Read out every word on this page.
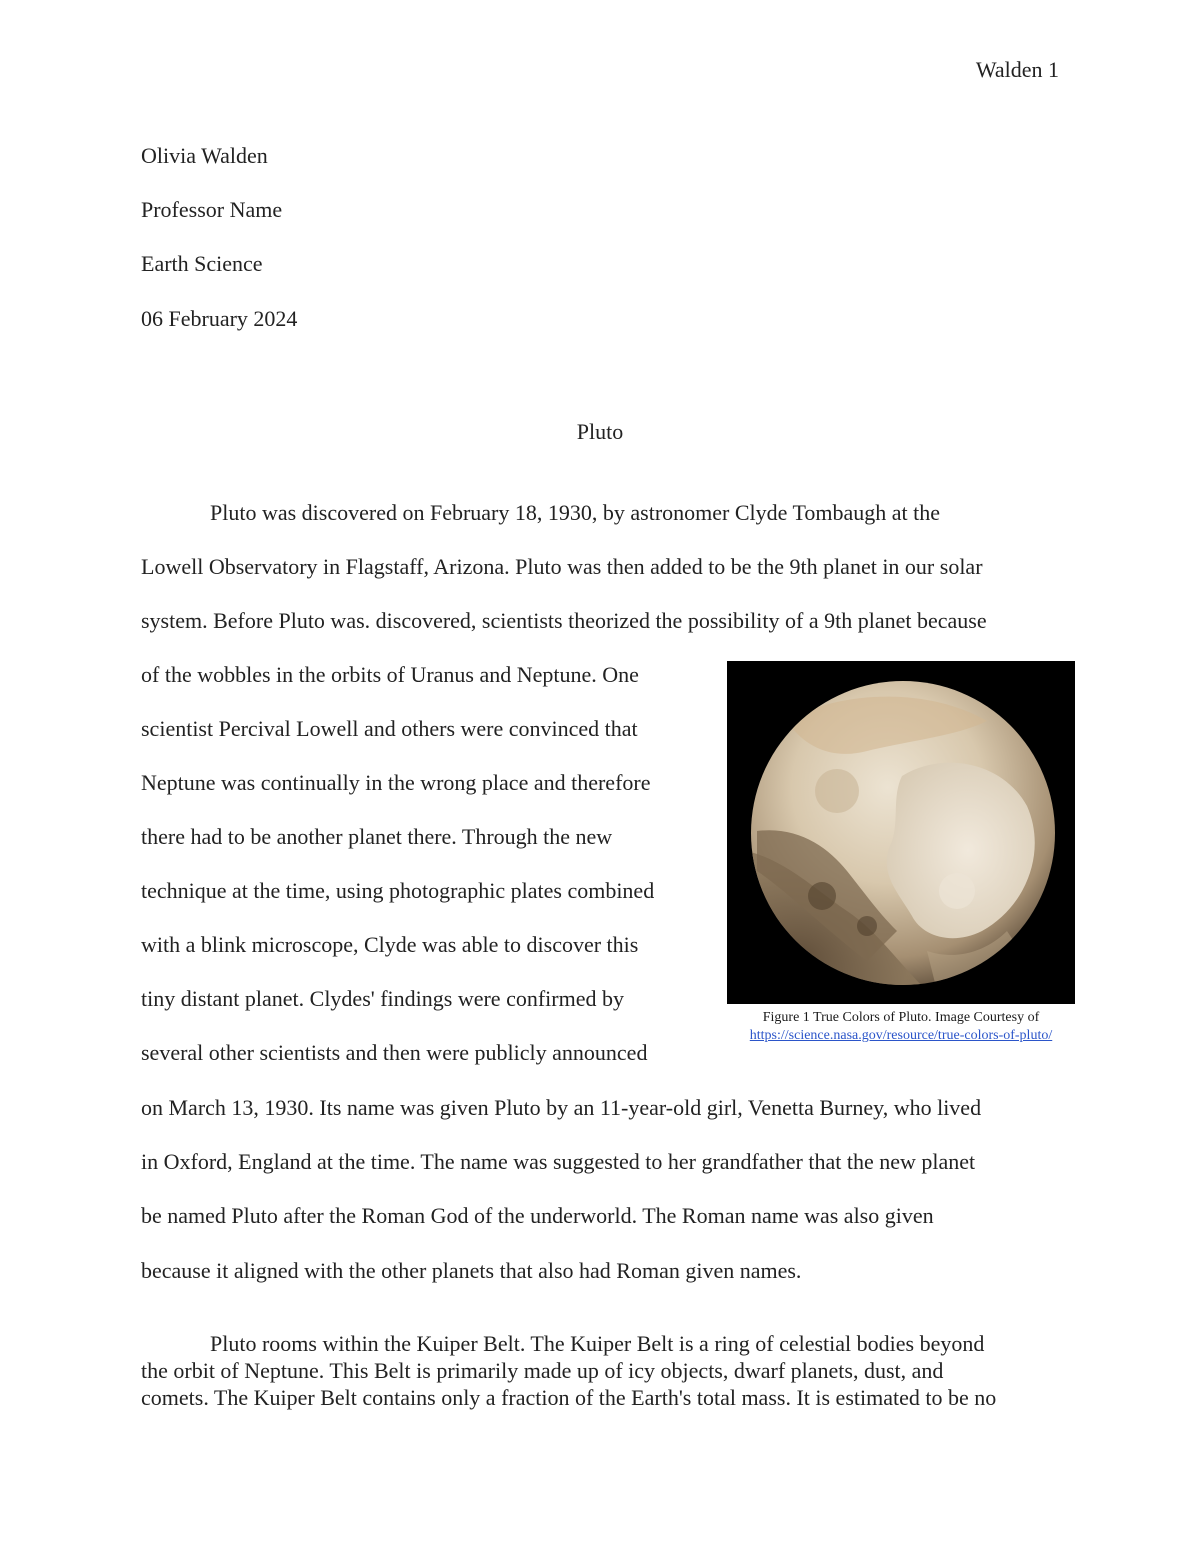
Walden 1
Olivia Walden
Professor Name
Earth Science
06 February 2024
Pluto
Pluto was discovered on February 18, 1930, by astronomer Clyde Tombaugh at the
Lowell Observatory in Flagstaff, Arizona. Pluto was then added to be the 9th planet in our solar
system. Before Pluto was. discovered, scientists theorized the possibility of a 9th planet because
of the wobbles in the orbits of Uranus and Neptune. One
scientist Percival Lowell and others were convinced that
Neptune was continually in the wrong place and therefore
there had to be another planet there. Through the new
technique at the time, using photographic plates combined
with a blink microscope, Clyde was able to discover this
tiny distant planet. Clydes' findings were confirmed by
several other scientists and then were publicly announced
on March 13, 1930. Its name was given Pluto by an 11-year-old girl, Venetta Burney, who lived
in Oxford, England at the time. The name was suggested to her grandfather that the new planet
be named Pluto after the Roman God of the underworld. The Roman name was also given
because it aligned with the other planets that also had Roman given names.
Figure 1 True Colors of Pluto. Image Courtesy of
https://science.nasa.gov/resource/true-colors-of-pluto/
Pluto rooms within the Kuiper Belt. The Kuiper Belt is a ring of celestial bodies beyond
the orbit of Neptune. This Belt is primarily made up of icy objects, dwarf planets, dust, and
comets. The Kuiper Belt contains only a fraction of the Earth's total mass. It is estimated to be no
